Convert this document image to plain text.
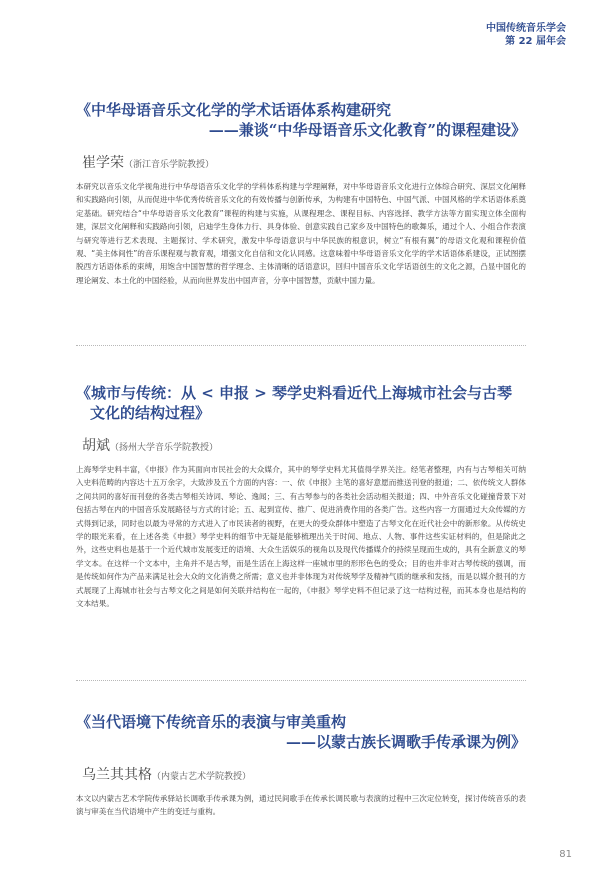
中国传统音乐学会
第 22 届年会
《中华母语音乐文化学的学术话语体系构建研究
——兼谈“中华母语音乐文化教育”的课程建设》
崔学荣（浙江音乐学院教授）

本研究以音乐文化学视角进行中华母语音乐文化学的学科体系构建与学理阐释，对中华母语音乐文化进行立体综合研究、深层文化阐释和实践路向引领，从而促进中华优秀传统音乐文化的有效传播与创新传承，为构建有中国特色、中国气派、中国风格的学术话语体系奠定基础。研究结合“中华母语音乐文化教育”课程的构建与实施，从课程理念、课程目标、内容选择、教学方法等方面实现立体全面构建，深层文化阐释和实践路向引领，启迪学生身体力行、具身体验、创意实践自己家乡及中国特色的歌舞乐，通过个人、小组合作表演与研究等进行艺术表现、主题探讨、学术研究，激发中华母语意识与中华民族的根意识，树立“有根有翼”的母语文化观和课程价值观、“美主体间性”的音乐课程观与教育观，增强文化自信和文化认同感。这意味着中华母语音乐文化学的学术话语体系建设，正试图摆脱西方话语体系的束缚，用饱含中国智慧的哲学理念、主体清晰的话语意识，回归中国音乐文化学话语创生的文化之源，凸显中国化的理论阐发、本土化的中国经验，从而向世界发出中国声音，分享中国智慧，贡献中国力量。

《城市与传统：从 < 申报 > 琴学史料看近代上海城市社会与古琴
文化的结构过程》
胡斌（扬州大学音乐学院教授）

上海琴学史料丰富，《申报》作为其面向市民社会的大众媒介，其中的琴学史料尤其值得学界关注。经笔者整理，内有与古琴相关可纳入史料范畴的内容达十五万余字，大致涉及五个方面的内容：一、依《申报》主笔的喜好意愿而推送刊登的报道；二、依传统文人群体之间共同的喜好而刊登的各类古琴相关诗词、琴论、逸闻；三、有古琴参与的各类社会活动相关报道；四、中外音乐文化碰撞背景下对包括古琴在内的中国音乐发展路径与方式的讨论；五、起到宣传、推广、促进消费作用的各类广告。这些内容一方面通过大众传媒的方式得到记录，同时也以最为寻常的方式进入了市民读者的视野，在更大的受众群体中塑造了古琴文化在近代社会中的新形象。从传统史学的眼光来看，在上述各类《申报》琴学史料的细节中无疑是能够梳理出关于时间、地点、人物、事件这些实证材料的，但是除此之外，这些史料也是基于一个近代城市发展变迁的语境、大众生活娱乐的视角以及现代传播媒介的持续呈现而生成的，具有全新意义的琴学文本。在这样一个文本中，主角并不是古琴，而是生活在上海这样一座城市里的形形色色的受众；目的也并非对古琴传统的强调，而是传统如何作为产品来满足社会大众的文化消费之所需；意义也并非体现为对传统琴学及精神气质的继承和发扬，而是以媒介报刊的方式展现了上海城市社会与古琴文化之间是如何关联并结构在一起的，《申报》琴学史料不但记录了这一结构过程，而其本身也是结构的文本结果。

《当代语境下传统音乐的表演与审美重构
——以蒙古族长调歌手传承课为例》
乌兰其其格（内蒙古艺术学院教授）

本文以内蒙古艺术学院传承驿站长调歌手传承课为例，通过民间歌手在传承长调民歌与表演的过程中三次定位转变，探讨传统音乐的表演与审美在当代语境中产生的变迁与重构。

81
